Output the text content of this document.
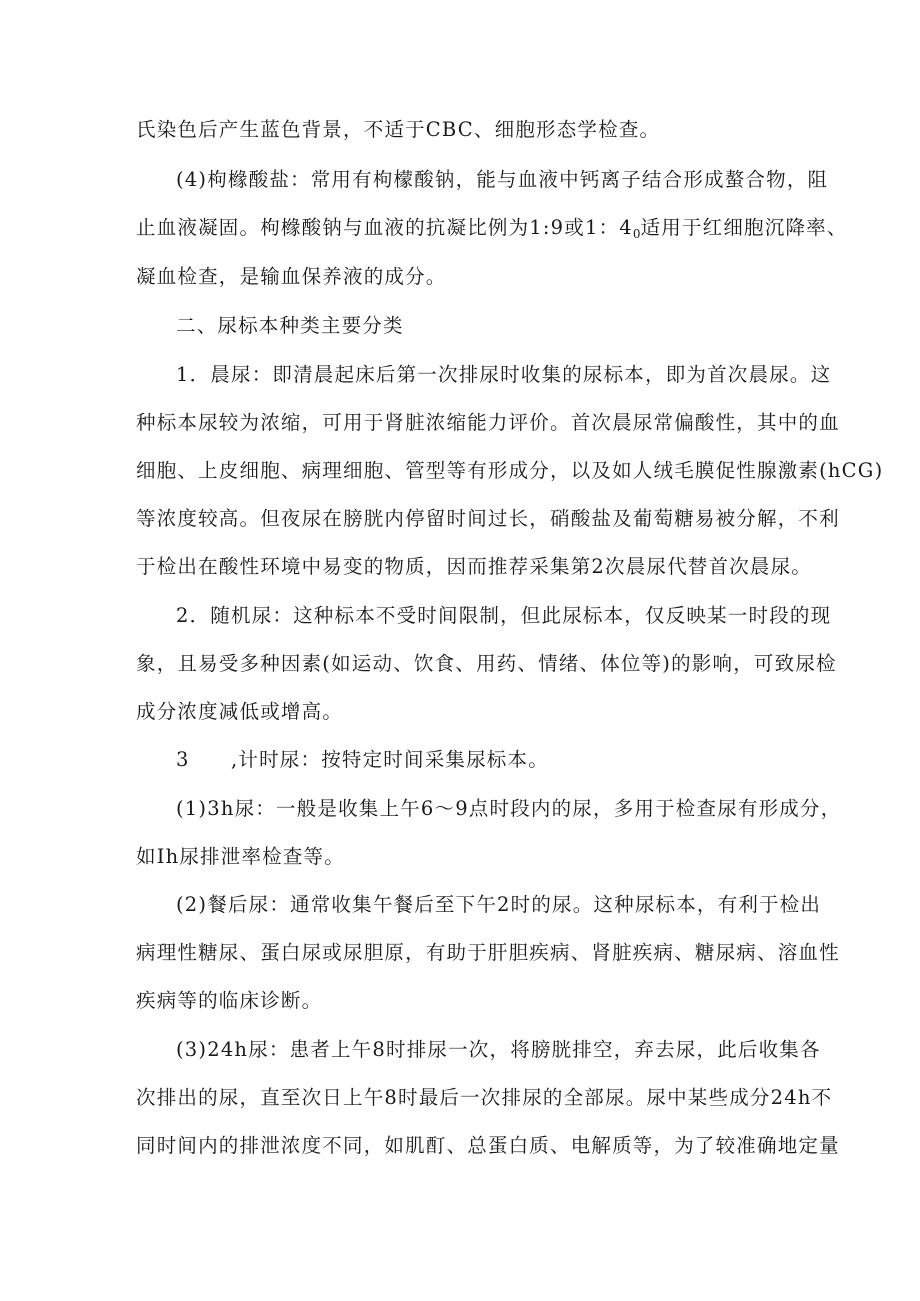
氏染色后产生蓝色背景，不适于CBC、细胞形态学检查。
(4)枸橼酸盐：常用有枸檬酸钠，能与血液中钙离子结合形成螯合物，阻
止血液凝固。枸橼酸钠与血液的抗凝比例为1:9或1：$4_0$适用于红细胞沉降率、
凝血检查，是输血保养液的成分。
二、尿标本种类主要分类
1．晨尿：即清晨起床后第一次排尿时收集的尿标本，即为首次晨尿。这
种标本尿较为浓缩，可用于肾脏浓缩能力评价。首次晨尿常偏酸性，其中的血
细胞、上皮细胞、病理细胞、管型等有形成分，以及如人绒毛膜促性腺激素(hCG)
等浓度较高。但夜尿在膀胱内停留时间过长，硝酸盐及葡萄糖易被分解，不利
于检出在酸性环境中易变的物质，因而推荐采集第2次晨尿代替首次晨尿。
2．随机尿：这种标本不受时间限制，但此尿标本，仅反映某一时段的现
象，且易受多种因素(如运动、饮食、用药、情绪、体位等)的影响，可致尿检
成分浓度减低或增高。
3　　,计时尿：按特定时间采集尿标本。
(1)3h尿：一般是收集上午6〜9点时段内的尿，多用于检查尿有形成分，
如Ih尿排泄率检查等。
(2)餐后尿：通常收集午餐后至下午2时的尿。这种尿标本，有利于检出
病理性糖尿、蛋白尿或尿胆原，有助于肝胆疾病、肾脏疾病、糖尿病、溶血性
疾病等的临床诊断。
(3)24h尿：患者上午8时排尿一次，将膀胱排空，弃去尿，此后收集各
次排出的尿，直至次日上午8时最后一次排尿的全部尿。尿中某些成分24h不
同时间内的排泄浓度不同，如肌酊、总蛋白质、电解质等，为了较准确地定量
